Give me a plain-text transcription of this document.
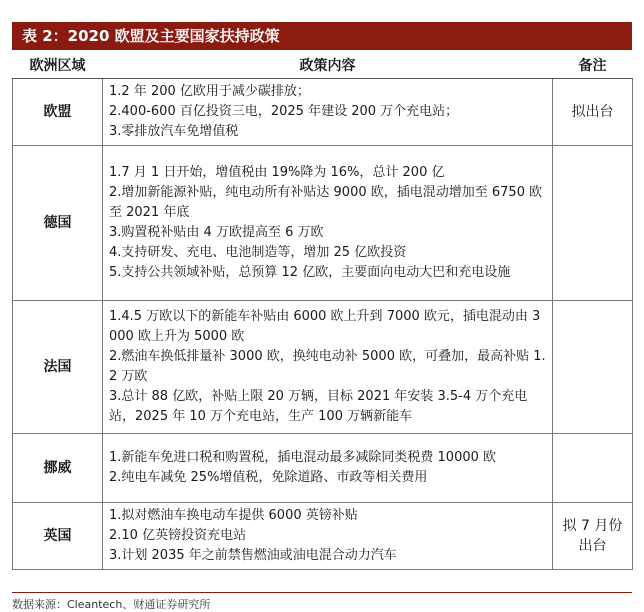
表 2：2020 欧盟及主要国家扶持政策
欧洲区域	政策内容	备注
欧盟	1.2 年 200 亿欧用于减少碳排放；
2.400-600 百亿投资三电，2025 年建设 200 万个充电站；
3.零排放汽车免增值税	拟出台
德国	1.7 月 1 日开始，增值税由 19%降为 16%，总计 200 亿
2.增加新能源补贴，纯电动所有补贴达 9000 欧，插电混动增加至 6750 欧至 2021 年底
3.购置税补贴由 4 万欧提高至 6 万欧
4.支持研发、充电、电池制造等，增加 25 亿欧投资
5.支持公共领域补贴，总预算 12 亿欧，主要面向电动大巴和充电设施	

法国	1.4.5 万欧以下的新能车补贴由 6000 欧上升到 7000 欧元，插电混动由 3000 欧上升为 5000 欧
2.燃油车换低排量补 3000 欧，换纯电动补 5000 欧，可叠加，最高补贴 1.2 万欧
3.总计 88 亿欧，补贴上限 20 万辆，目标 2021 年安装 3.5-4 万个充电站，2025 年 10 万个充电站，生产 100 万辆新能车	

挪威	1.新能车免进口税和购置税，插电混动最多减除同类税费 10000 欧
2.纯电车减免 25%增值税，免除道路、市政等相关费用	

英国	1.拟对燃油车换电动车提供 6000 英镑补贴
2.10 亿英镑投资充电站
3.计划 2035 年之前禁售燃油或油电混合动力汽车	拟 7 月份出台
数据来源：Cleantech、财通证券研究所
